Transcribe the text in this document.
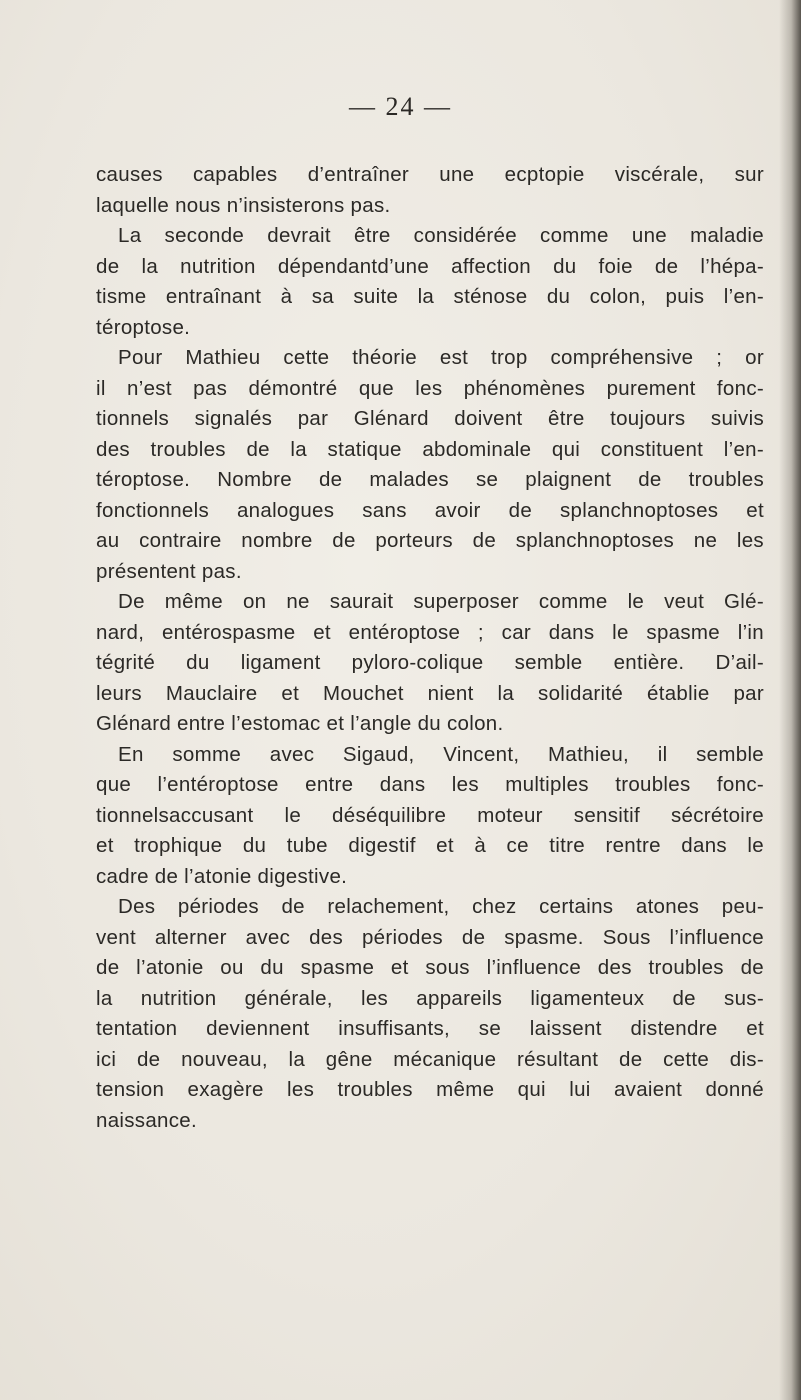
— 24 —
causes capables d’entraîner une ecptopie viscérale, sur
laquelle nous n’insisterons pas.
La seconde devrait être considérée comme une maladie
de la nutrition dépendantd’une affection du foie de l’hépa-
tisme entraînant à sa suite la sténose du colon, puis l’en-
téroptose.
Pour Mathieu cette théorie est trop compréhensive ; or
il n’est pas démontré que les phénomènes purement fonc-
tionnels signalés par Glénard doivent être toujours suivis
des troubles de la statique abdominale qui constituent l’en-
téroptose. Nombre de malades se plaignent de troubles
fonctionnels analogues sans avoir de splanchnoptoses et
au contraire nombre de porteurs de splanchnoptoses ne les
présentent pas.
De même on ne saurait superposer comme le veut Glé-
nard, entérospasme et entéroptose ; car dans le spasme l’in
tégrité du ligament pyloro-colique semble entière. D’ail-
leurs Mauclaire et Mouchet nient la solidarité établie par
Glénard entre l’estomac et l’angle du colon.
En somme avec Sigaud, Vincent, Mathieu, il semble
que l’entéroptose entre dans les multiples troubles fonc-
tionnelsaccusant le déséquilibre moteur sensitif sécrétoire
et trophique du tube digestif et à ce titre rentre dans le
cadre de l’atonie digestive.
Des périodes de relachement, chez certains atones peu-
vent alterner avec des périodes de spasme. Sous l’influence
de l’atonie ou du spasme et sous l’influence des troubles de
la nutrition générale, les appareils ligamenteux de sus-
tentation deviennent insuffisants, se laissent distendre et
ici de nouveau, la gêne mécanique résultant de cette dis-
tension exagère les troubles même qui lui avaient donné
naissance.
